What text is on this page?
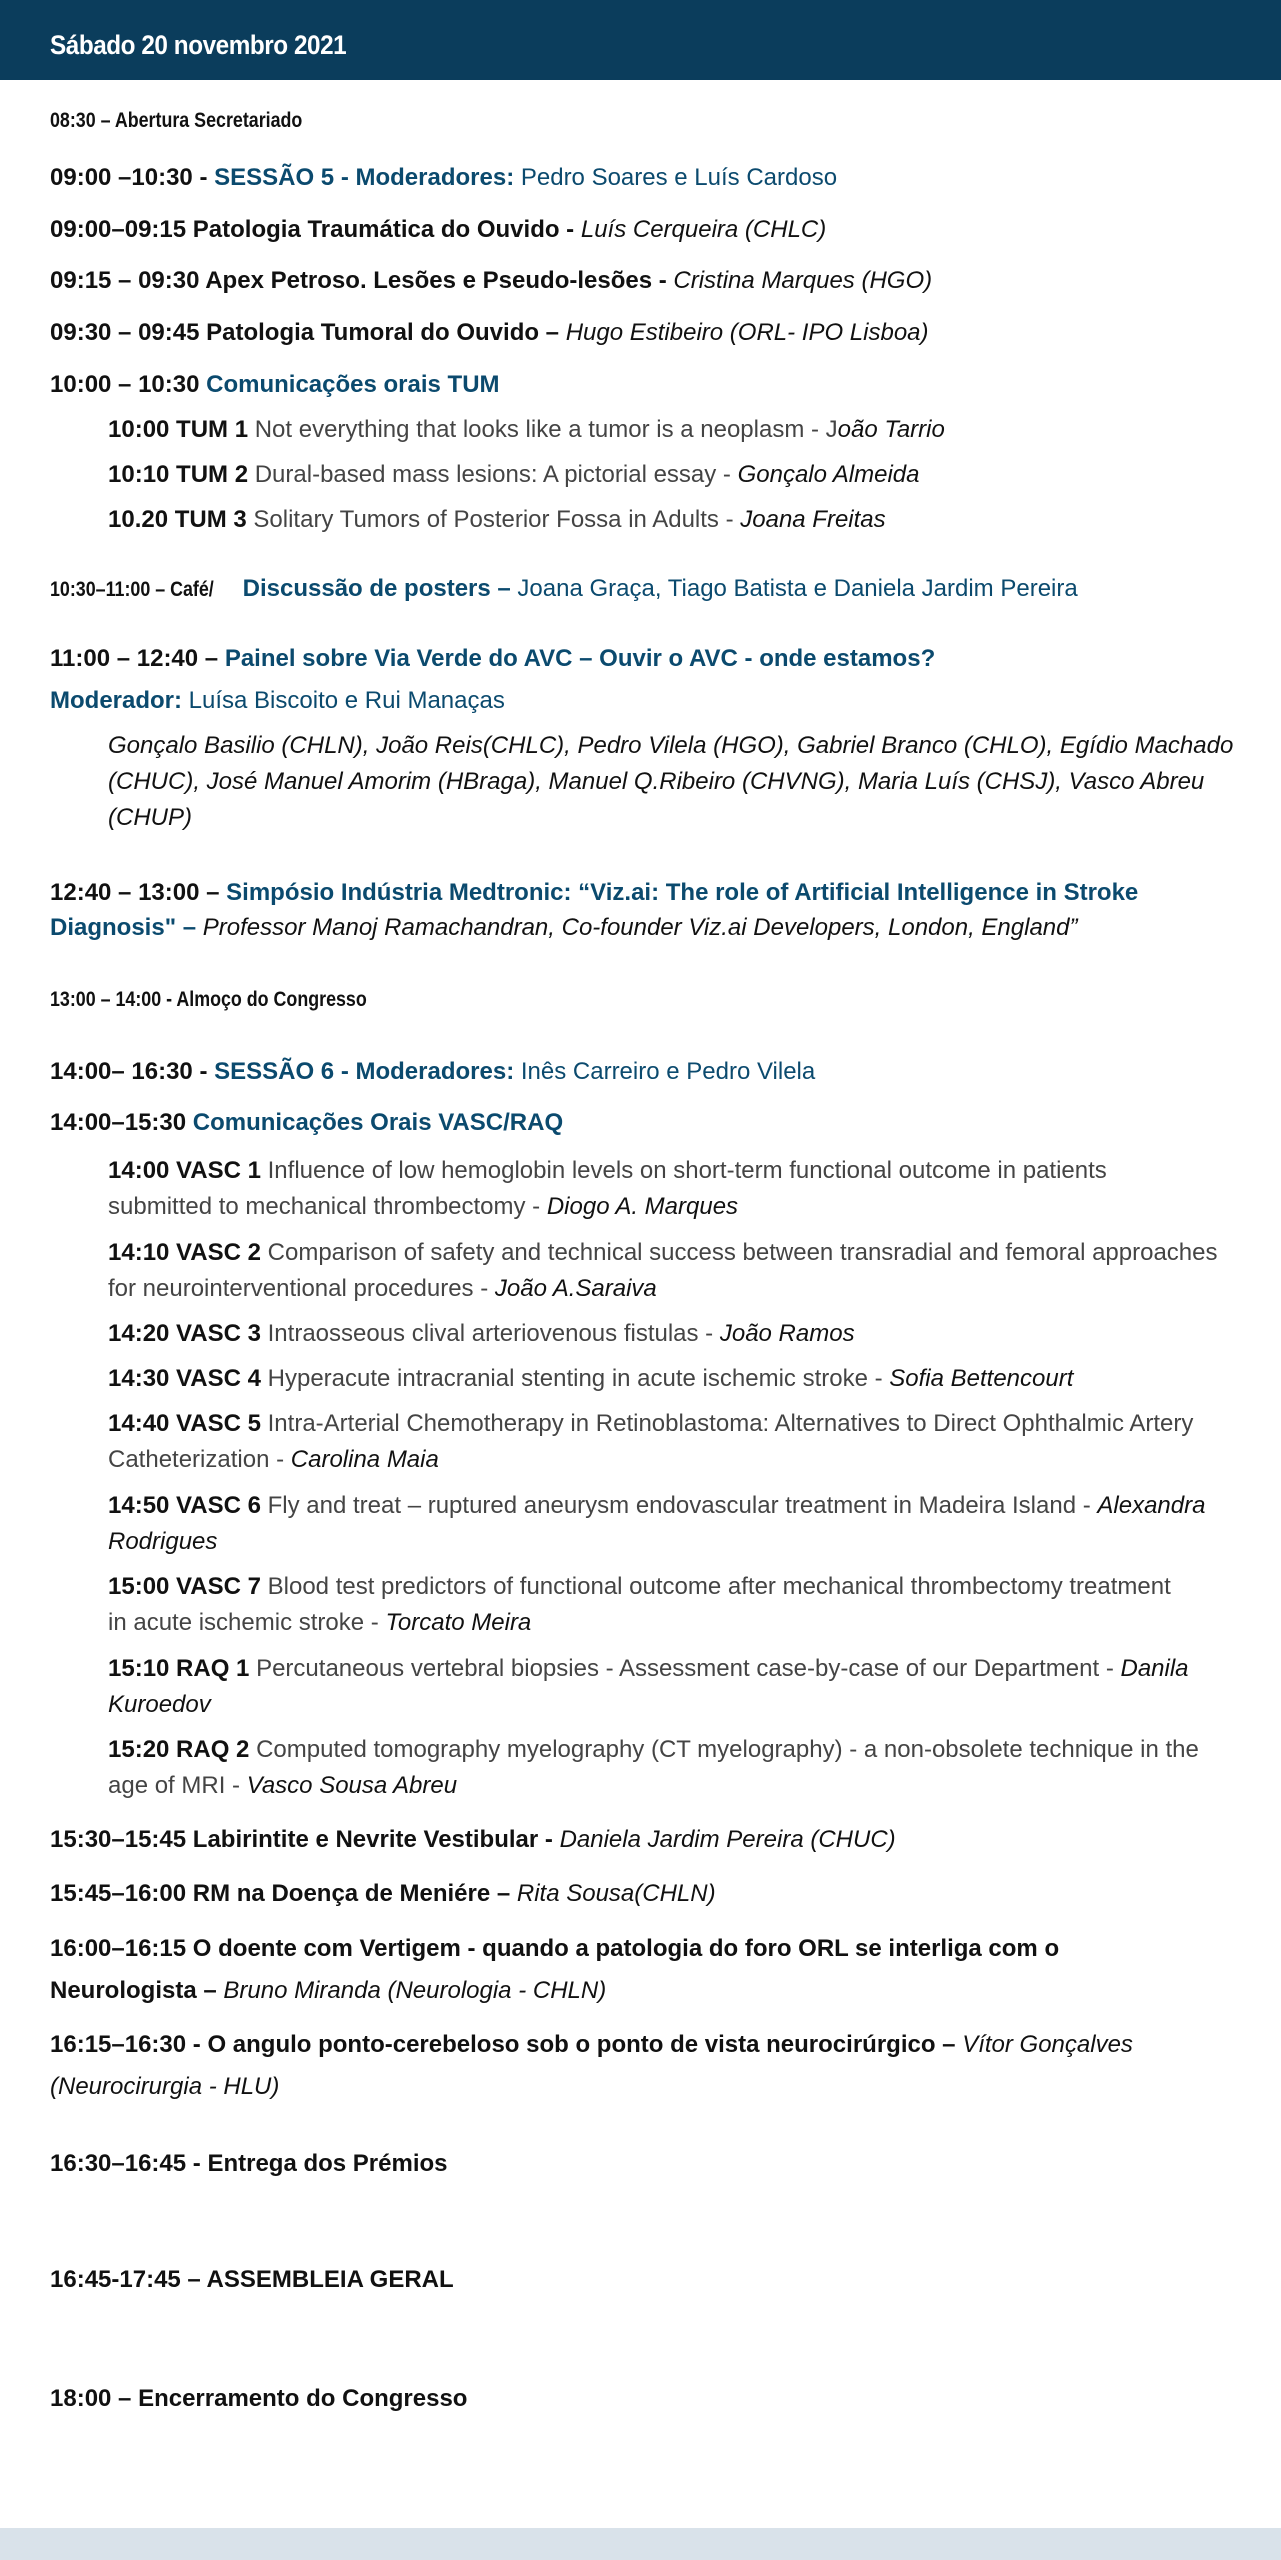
Sábado 20 novembro 2021
08:30 – Abertura Secretariado
09:00 –10:30 - SESSÃO 5 - Moderadores: Pedro Soares e Luís Cardoso
09:00–09:15 Patologia Traumática do Ouvido - Luís Cerqueira (CHLC)
09:15 – 09:30 Apex Petroso. Lesões e Pseudo-lesões - Cristina Marques (HGO)
09:30 – 09:45 Patologia Tumoral do Ouvido – Hugo Estibeiro (ORL- IPO Lisboa)
10:00 – 10:30 Comunicações orais TUM
10:00 TUM 1 Not everything that looks like a tumor is a neoplasm - João Tarrio
10:10 TUM 2 Dural-based mass lesions: A pictorial essay - Gonçalo Almeida
10.20 TUM 3 Solitary Tumors of Posterior Fossa in Adults - Joana Freitas
10:30–11:00 – Café/Discussão de posters – Joana Graça, Tiago Batista e Daniela Jardim Pereira
11:00 – 12:40 – Painel sobre Via Verde do AVC – Ouvir o AVC - onde estamos?
Moderador: Luísa Biscoito e Rui Manaças
Gonçalo Basilio (CHLN), João Reis(CHLC), Pedro Vilela (HGO), Gabriel Branco (CHLO), Egídio Machado
(CHUC), José Manuel Amorim (HBraga), Manuel Q.Ribeiro (CHVNG), Maria Luís (CHSJ), Vasco Abreu
(CHUP)
12:40 – 13:00 – Simpósio Indústria Medtronic: “Viz.ai: The role of Artificial Intelligence in Stroke
Diagnosis" – Professor Manoj Ramachandran, Co-founder Viz.ai Developers, London, England”
13:00 – 14:00 - Almoço do Congresso
14:00– 16:30 - SESSÃO 6 - Moderadores: Inês Carreiro e Pedro Vilela
14:00–15:30 Comunicações Orais VASC/RAQ
14:00 VASC 1 Influence of low hemoglobin levels on short-term functional outcome in patients
submitted to mechanical thrombectomy - Diogo A. Marques
14:10 VASC 2 Comparison of safety and technical success between transradial and femoral approaches
for neurointerventional procedures - João A.Saraiva
14:20 VASC 3 Intraosseous clival arteriovenous fistulas - João Ramos
14:30 VASC 4 Hyperacute intracranial stenting in acute ischemic stroke - Sofia Bettencourt
14:40 VASC 5 Intra-Arterial Chemotherapy in Retinoblastoma: Alternatives to Direct Ophthalmic Artery
Catheterization - Carolina Maia
14:50 VASC 6 Fly and treat – ruptured aneurysm endovascular treatment in Madeira Island - Alexandra
Rodrigues
15:00 VASC 7 Blood test predictors of functional outcome after mechanical thrombectomy treatment
in acute ischemic stroke - Torcato Meira
15:10 RAQ 1 Percutaneous vertebral biopsies - Assessment case-by-case of our Department - Danila
Kuroedov
15:20 RAQ 2 Computed tomography myelography (CT myelography) - a non-obsolete technique in the
age of MRI - Vasco Sousa Abreu
15:30–15:45 Labirintite e Nevrite Vestibular - Daniela Jardim Pereira (CHUC)
15:45–16:00 RM na Doença de Meniére – Rita Sousa(CHLN)
16:00–16:15 O doente com Vertigem - quando a patologia do foro ORL se interliga com o
Neurologista – Bruno Miranda (Neurologia - CHLN)
16:15–16:30 - O angulo ponto-cerebeloso sob o ponto de vista neurocirúrgico – Vítor Gonçalves
(Neurocirurgia - HLU)
16:30–16:45 - Entrega dos Prémios
16:45-17:45 – ASSEMBLEIA GERAL
18:00 – Encerramento do Congresso
